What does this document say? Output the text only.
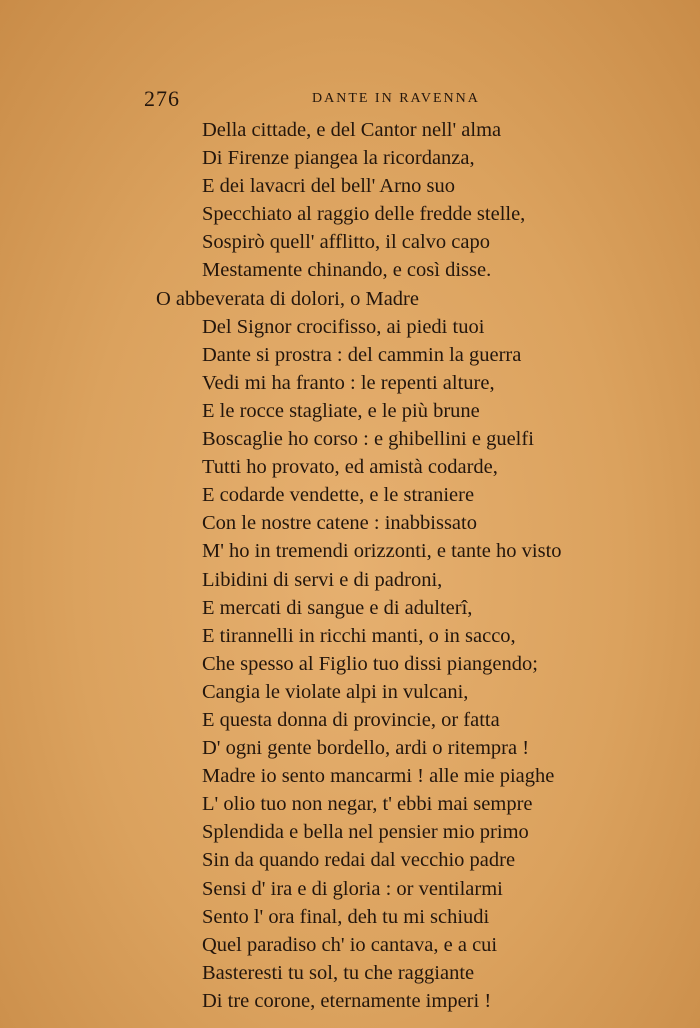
276	DANTE IN RAVENNA
Della cittade, e del Cantor nell' alma
Di Firenze piangea la ricordanza,
E dei lavacri del bell' Arno suo
Specchiato al raggio delle fredde stelle,
Sospirò quell' afflitto, il calvo capo
Mestamente chinando, e così disse.
O abbeverata di dolori, o Madre
Del Signor crocifisso, ai piedi tuoi
Dante si prostra : del cammin la guerra
Vedi mi ha franto : le repenti alture,
E le rocce stagliate, e le più brune
Boscaglie ho corso : e ghibellini e guelfi
Tutti ho provato, ed amistà codarde,
E codarde vendette, e le straniere
Con le nostre catene : inabbissato
M' ho in tremendi orizzonti, e tante ho visto
Libidini di servi e di padroni,
E mercati di sangue e di adulterî,
E tirannelli in ricchi manti, o in sacco,
Che spesso al Figlio tuo dissi piangendo;
Cangia le violate alpi in vulcani,
E questa donna di provincie, or fatta
D' ogni gente bordello, ardi o ritempra !
Madre io sento mancarmi ! alle mie piaghe
L' olio tuo non negar, t' ebbi mai sempre
Splendida e bella nel pensier mio primo
Sin da quando redai dal vecchio padre
Sensi d' ira e di gloria : or ventilarmi
Sento l' ora final, deh tu mi schiudi
Quel paradiso ch' io cantava, e a cui
Basteresti tu sol, tu che raggiante
Di tre corone, eternamente imperi !
